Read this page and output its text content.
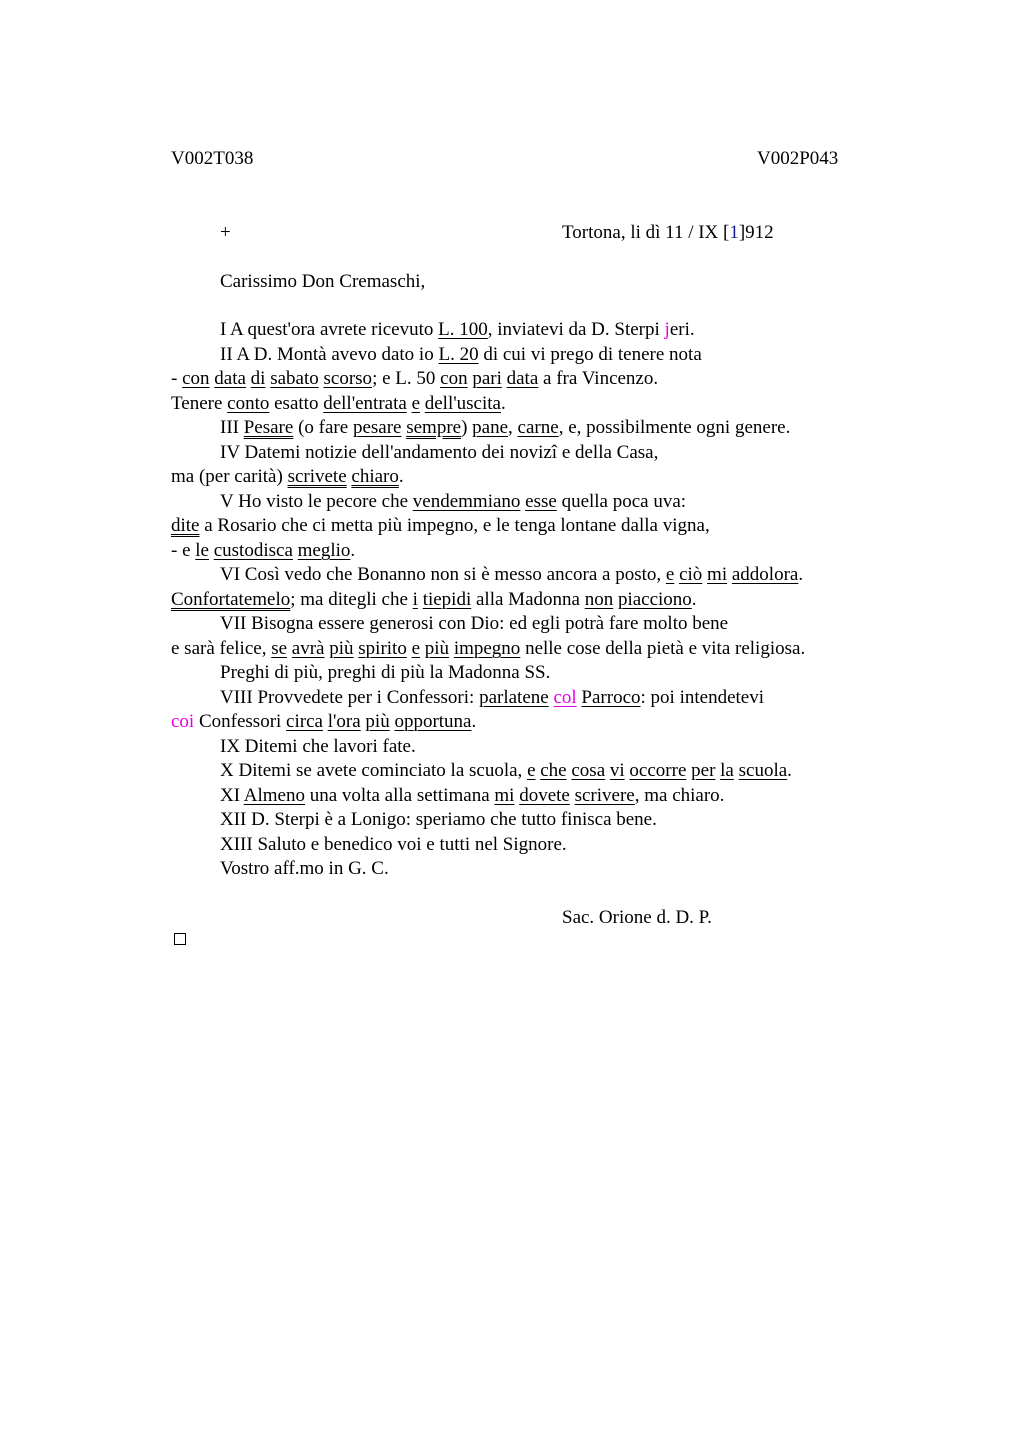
V002T038	V002P043
+	Tortona, li dì 11 / IX [1]912
Carissimo Don Cremaschi,
I A quest'ora avrete ricevuto L. 100, inviatevi da D. Sterpi jeri.
II A D. Montà avevo dato io L. 20 di cui vi prego di tenere nota
- con data di sabato scorso; e L. 50 con pari data a fra Vincenzo.
Tenere conto esatto dell'entrata e dell'uscita.
III Pesare (o fare pesare sempre) pane, carne, e, possibilmente ogni genere.
IV Datemi notizie dell'andamento dei novizi e della Casa,
ma (per carità) scrivete chiaro.
V Ho visto le pecore che vendemmiano esse quella poca uva:
dite a Rosario che ci metta più impegno, e le tenga lontane dalla vigna,
- e le custodisca meglio.
VI Così vedo che Bonanno non si è messo ancora a posto, e ciò mi addolora.
Confortatemelo; ma ditegli che i tiepidi alla Madonna non piacciono.
VII Bisogna essere generosi con Dio: ed egli potrà fare molto bene
e sarà felice, se avrà più spirito e più impegno nelle cose della pietà e vita religiosa.
Preghi di più, preghi di più la Madonna SS.
VIII Provvedete per i Confessori: parlatene col Parroco: poi intendetevi
coi Confessori circa l'ora più opportuna.
IX Ditemi che lavori fate.
X Ditemi se avete cominciato la scuola, e che cosa vi occorre per la scuola.
XI Almeno una volta alla settimana mi dovete scrivere, ma chiaro.
XII D. Sterpi è a Lonigo: speriamo che tutto finisca bene.
XIII Saluto e benedico voi e tutti nel Signore.
Vostro aff.mo in G. C.
Sac. Orione d. D. P.
